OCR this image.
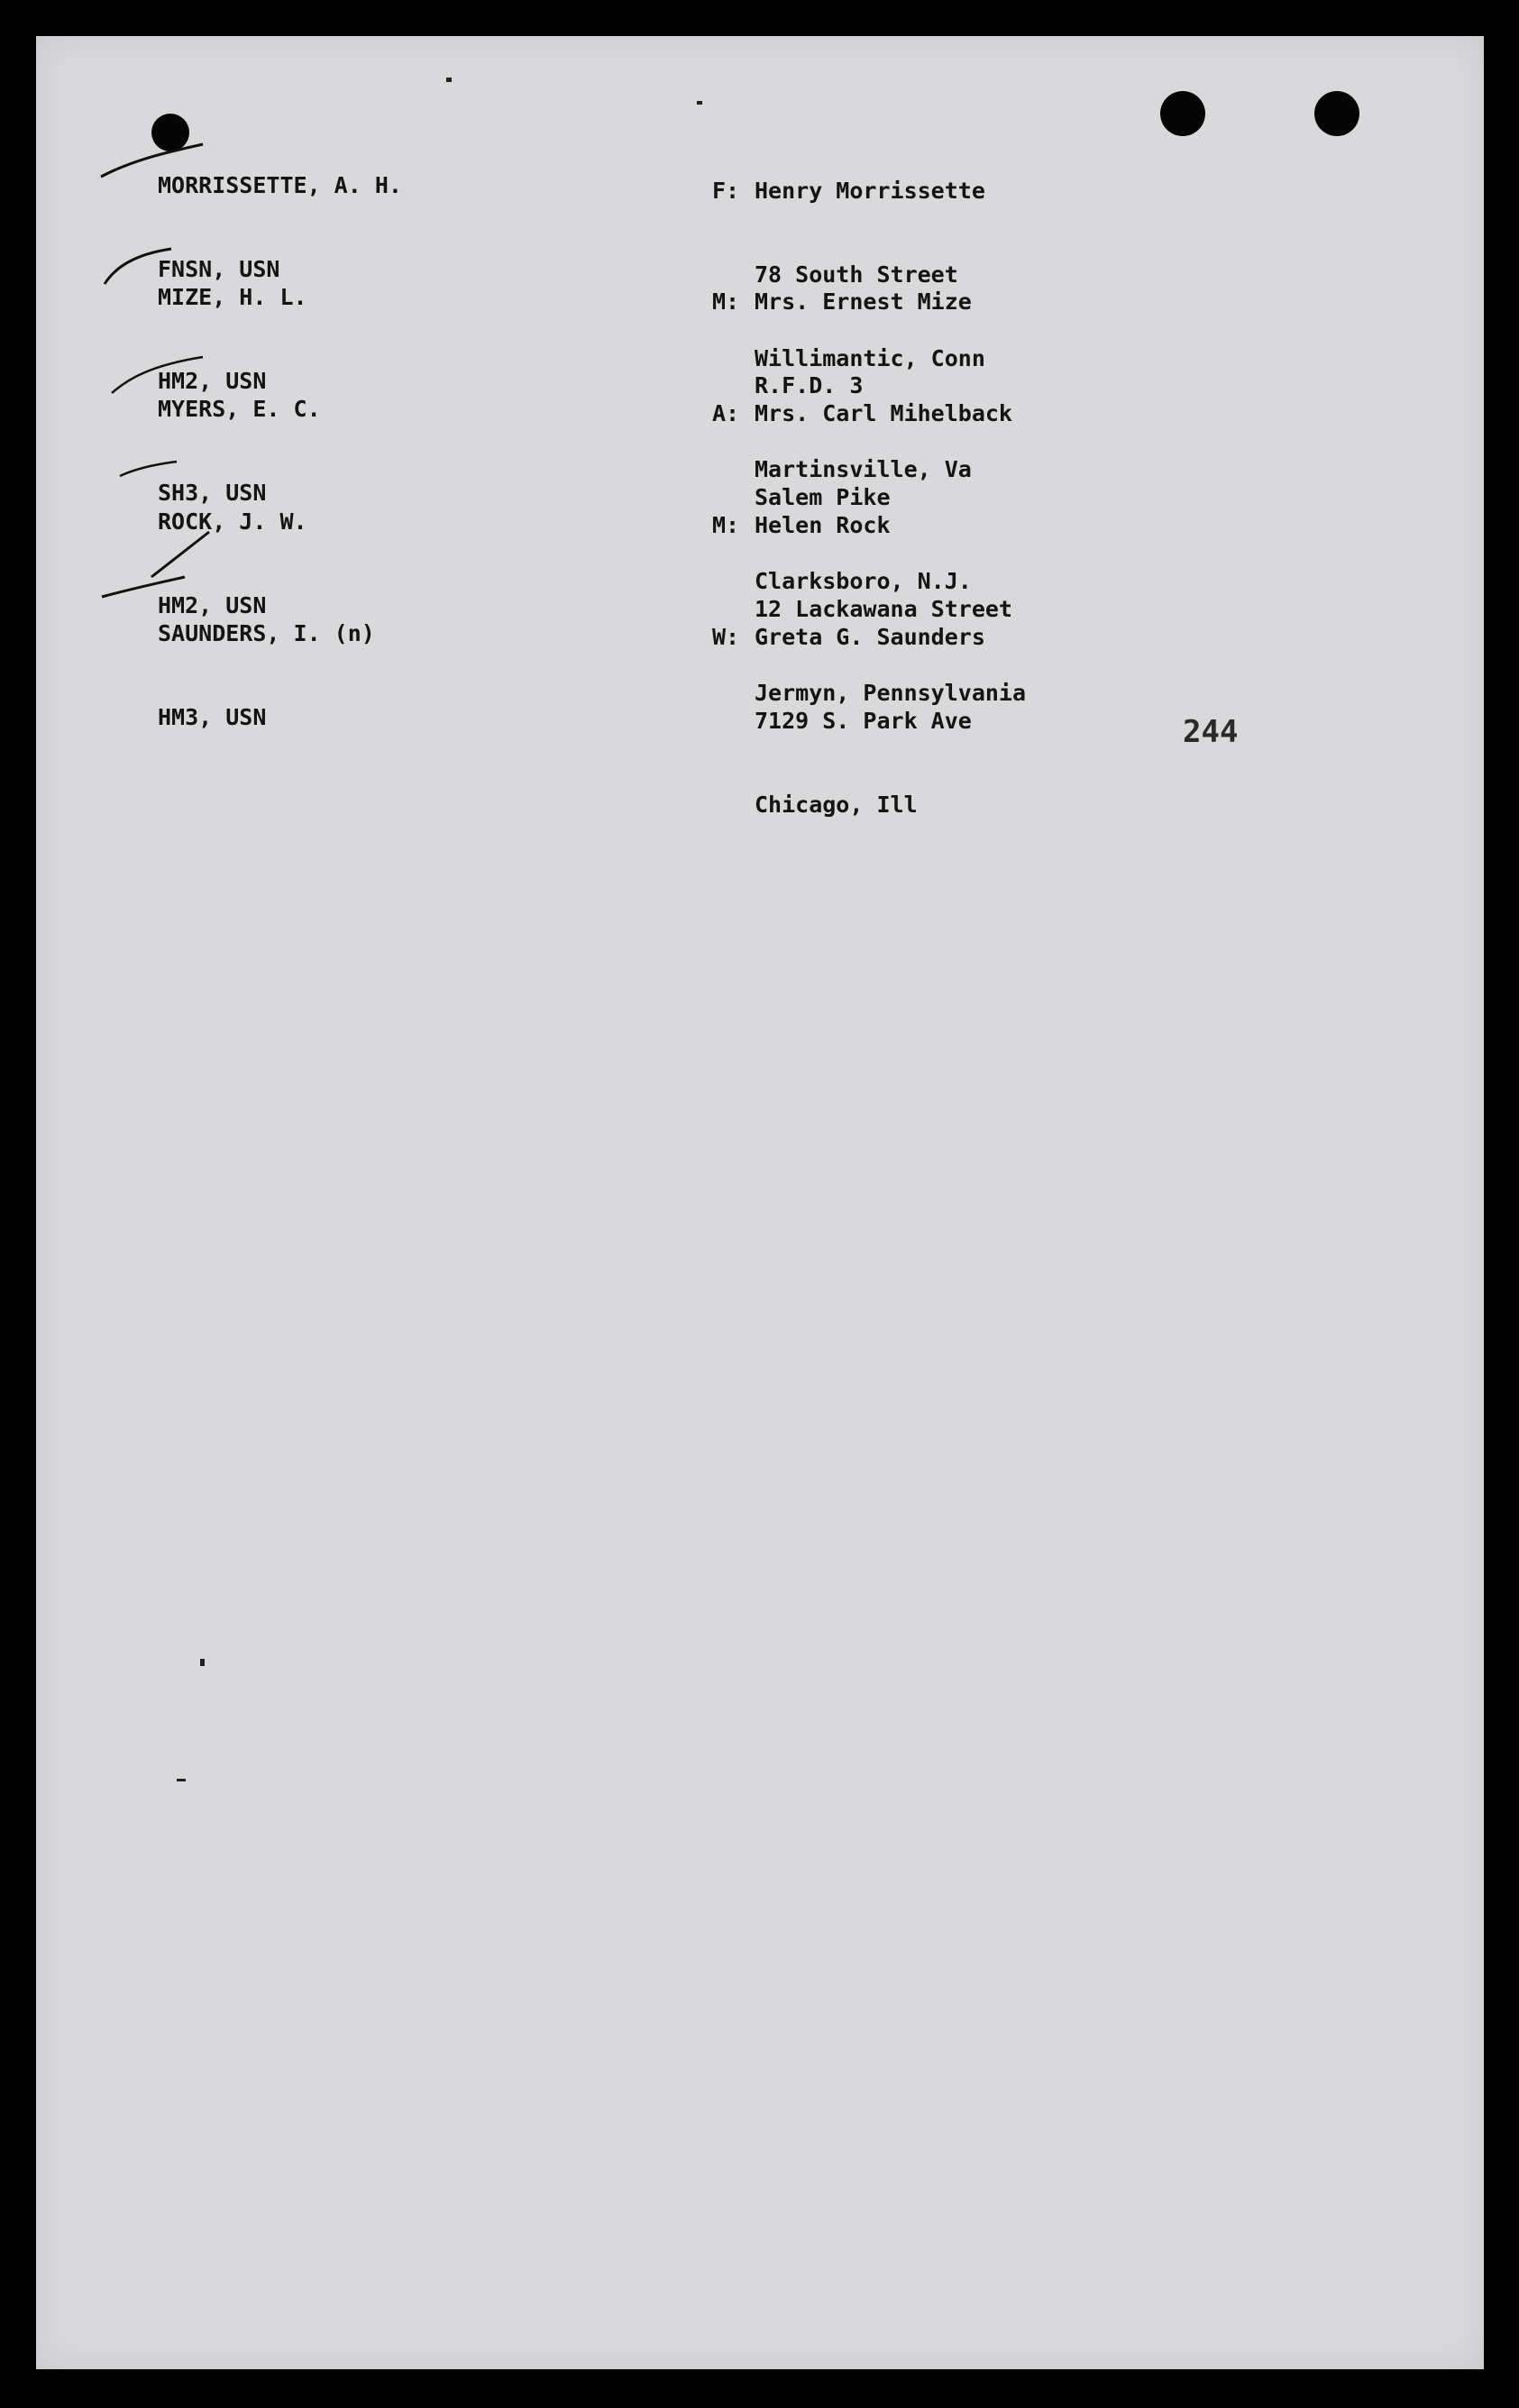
MORRISSETTE, A. H.

FNSN, USN

F: Henry Morrissette

78 South Street

Willimantic, Conn

MIZE, H. L.

HM2, USN

M: Mrs. Ernest Mize

R.F.D. 3

Martinsville, Va

MYERS, E. C.

SH3, USN

A: Mrs. Carl Mihelback

Salem Pike

Clarksboro, N.J.

ROCK, J. W.

HM2, USN

M: Helen Rock

12 Lackawana Street

Jermyn, Pennsylvania

SAUNDERS, I. (n)

HM3, USN

W: Greta G. Saunders

7129 S. Park Ave

Chicago, Ill

244
